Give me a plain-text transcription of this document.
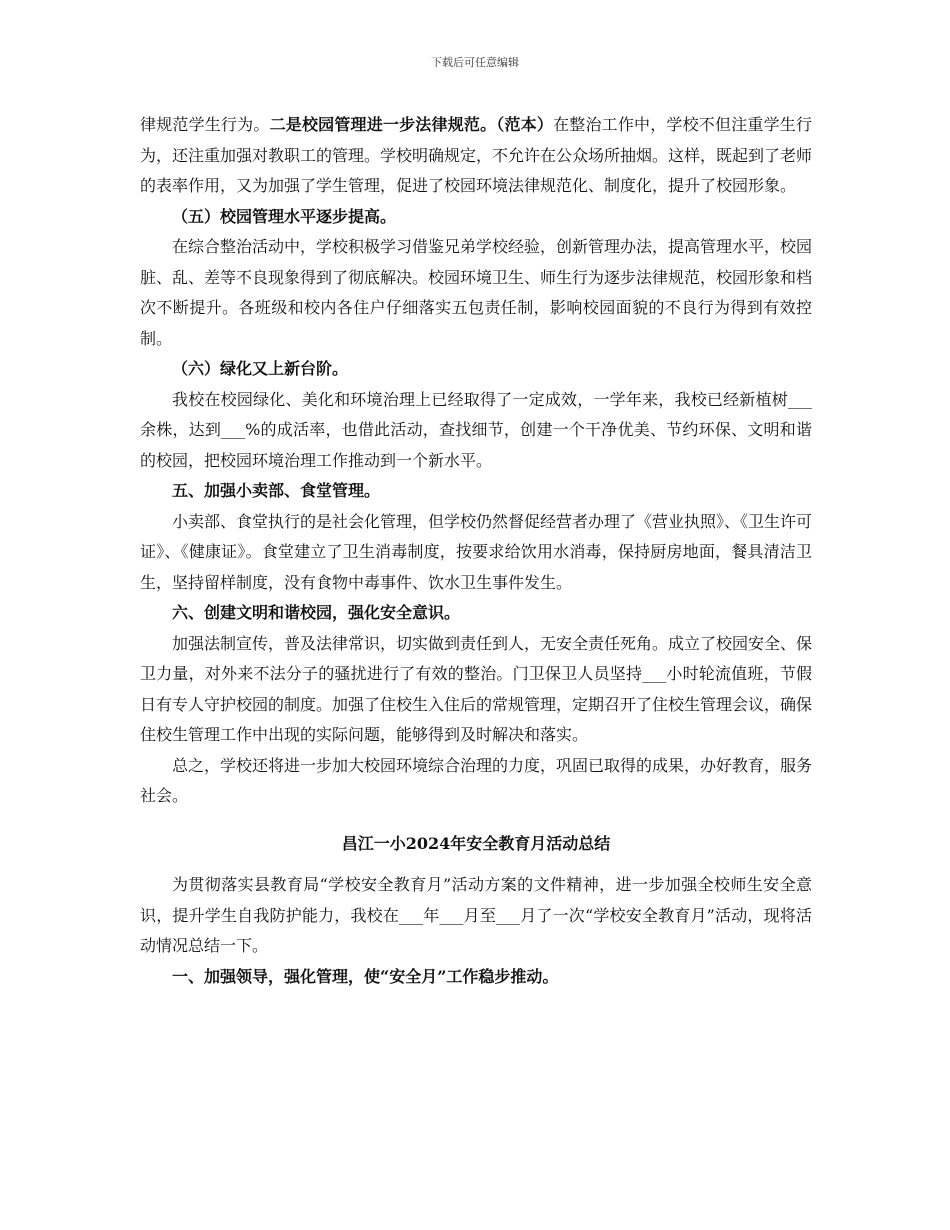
下载后可任意编辑

律规范学生行为。二是校园管理进一步法律规范。（范本）在整治工作中，学校不但注重学生行为，还注重加强对教职工的管理。学校明确规定，不允许在公众场所抽烟。这样，既起到了老师的表率作用，又为加强了学生管理，促进了校园环境法律规范化、制度化，提升了校园形象。

（五）校园管理水平逐步提高。

在综合整治活动中，学校积极学习借鉴兄弟学校经验，创新管理办法，提高管理水平，校园脏、乱、差等不良现象得到了彻底解决。校园环境卫生、师生行为逐步法律规范，校园形象和档次不断提升。各班级和校内各住户仔细落实五包责任制，影响校园面貌的不良行为得到有效控制。

（六）绿化又上新台阶。

我校在校园绿化、美化和环境治理上已经取得了一定成效，一学年来，我校已经新植树___余株，达到___%的成活率，也借此活动，查找细节，创建一个干净优美、节约环保、文明和谐的校园，把校园环境治理工作推动到一个新水平。

五、加强小卖部、食堂管理。

小卖部、食堂执行的是社会化管理，但学校仍然督促经营者办理了《营业执照》、《卫生许可证》、《健康证》。食堂建立了卫生消毒制度，按要求给饮用水消毒，保持厨房地面，餐具清洁卫生，坚持留样制度，没有食物中毒事件、饮水卫生事件发生。

六、创建文明和谐校园，强化安全意识。

加强法制宣传，普及法律常识，切实做到责任到人，无安全责任死角。成立了校园安全、保卫力量，对外来不法分子的骚扰进行了有效的整治。门卫保卫人员坚持___小时轮流值班，节假日有专人守护校园的制度。加强了住校生入住后的常规管理，定期召开了住校生管理会议，确保住校生管理工作中出现的实际问题，能够得到及时解决和落实。

总之，学校还将进一步加大校园环境综合治理的力度，巩固已取得的成果，办好教育，服务社会。

昌江一小2024年安全教育月活动总结

为贯彻落实县教育局“学校安全教育月”活动方案的文件精神，进一步加强全校师生安全意识，提升学生自我防护能力，我校在___年___月至___月了一次“学校安全教育月”活动，现将活动情况总结一下。

一、加强领导，强化管理，使“安全月”工作稳步推动。
